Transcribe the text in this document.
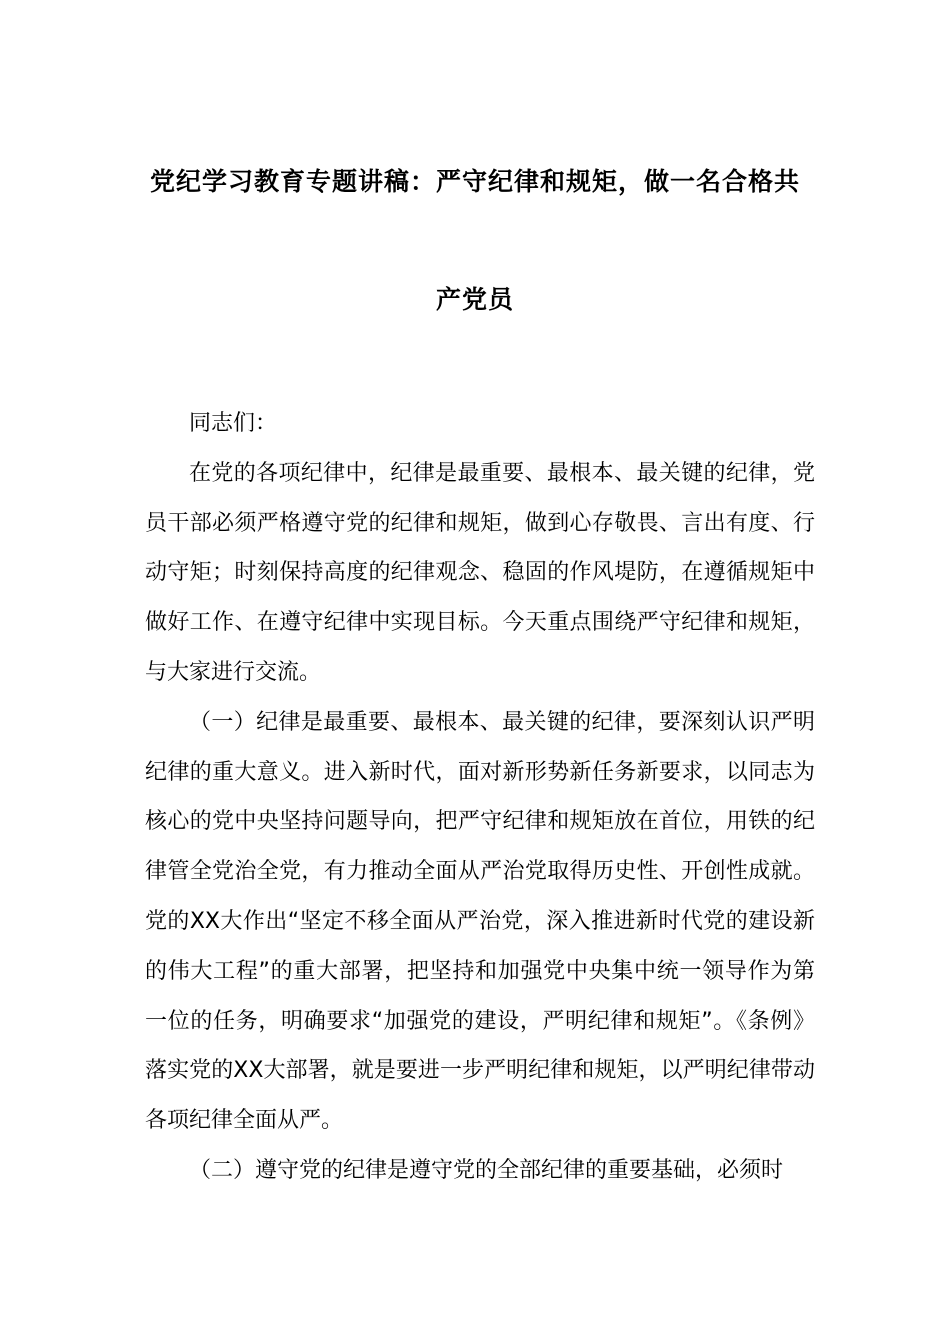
党纪学习教育专题讲稿：严守纪律和规矩，做一名合格共
产党员

同志们：

在党的各项纪律中，纪律是最重要、最根本、最关键的纪律，党员干部必须严格遵守党的纪律和规矩，做到心存敬畏、言出有度、行动守矩；时刻保持高度的纪律观念、稳固的作风堤防，在遵循规矩中做好工作、在遵守纪律中实现目标。今天重点围绕严守纪律和规矩，与大家进行交流。

（一）纪律是最重要、最根本、最关键的纪律，要深刻认识严明纪律的重大意义。进入新时代，面对新形势新任务新要求，以同志为核心的党中央坚持问题导向，把严守纪律和规矩放在首位，用铁的纪律管全党治全党，有力推动全面从严治党取得历史性、开创性成就。党的XX大作出“坚定不移全面从严治党，深入推进新时代党的建设新的伟大工程”的重大部署，把坚持和加强党中央集中统一领导作为第一位的任务，明确要求“加强党的建设，严明纪律和规矩”。《条例》落实党的XX大部署，就是要进一步严明纪律和规矩，以严明纪律带动各项纪律全面从严。

（二）遵守党的纪律是遵守党的全部纪律的重要基础，必须时
